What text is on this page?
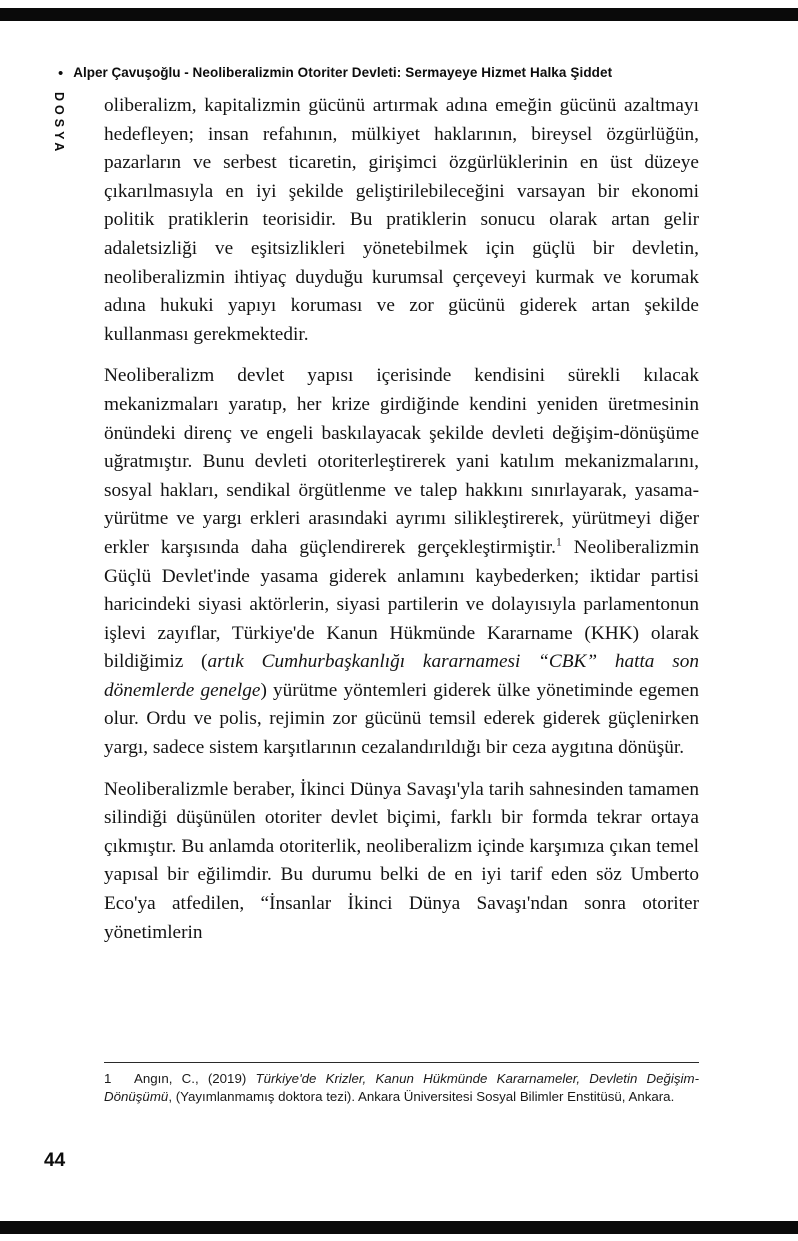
• Alper Çavuşoğlu - Neoliberalizmin Otoriter Devleti: Sermayeye Hizmet Halka Şiddet
DOSYA oliberalizm, kapitalizmin gücünü artırmak adına emeğin gücünü azaltmayı hedefleyen; insan refahının, mülkiyet haklarının, bireysel özgürlüğün, pazarların ve serbest ticaretin, girişimci özgürlüklerinin en üst düzeye çıkarılmasıyla en iyi şekilde geliştirilebileceğini varsayan bir ekonomi politik pratiklerin teorisidir. Bu pratiklerin sonucu olarak artan gelir adaletsizliği ve eşitsizlikleri yönetebilmek için güçlü bir devletin, neoliberalizmin ihtiyaç duyduğu kurumsal çerçeveyi kurmak ve korumak adına hukuki yapıyı koruması ve zor gücünü giderek artan şekilde kullanması gerekmektedir.

Neoliberalizm devlet yapısı içerisinde kendisini sürekli kılacak mekanizmaları yaratıp, her krize girdiğinde kendini yeniden üretmesinin önündeki direnç ve engeli baskılayacak şekilde devleti değişim-dönüşüme uğratmıştır. Bunu devleti otoriterleştirerek yani katılım mekanizmalarını, sosyal hakları, sendikal örgütlenme ve talep hakkını sınırlayarak, yasama-yürütme ve yargı erkleri arasındaki ayrımı silikleştirerek, yürütmeyi diğer erkler karşısında daha güçlendirerek gerçekleştirmiştir.$^1$ Neoliberalizmin Güçlü Devlet'inde yasama giderek anlamını kaybederken; iktidar partisi haricindeki siyasi aktörlerin, siyasi partilerin ve dolayısıyla parlamentonun işlevi zayıflar, Türkiye'de Kanun Hükmünde Kararname (KHK) olarak bildiğimiz (artık Cumhurbaşkanlığı kararnamesi “CBK” hatta son dönemlerde genelge) yürütme yöntemleri giderek ülke yönetiminde egemen olur. Ordu ve polis, rejimin zor gücünü temsil ederek giderek güçlenirken yargı, sadece sistem karşıtlarının cezalandırıldığı bir ceza aygıtına dönüşür.

Neoliberalizmle beraber, İkinci Dünya Savaşı'yla tarih sahnesinden tamamen silindiği düşünülen otoriter devlet biçimi, farklı bir formda tekrar ortaya çıkmıştır. Bu anlamda otoriterlik, neoliberalizm içinde karşımıza çıkan temel yapısal bir eğilimdir. Bu durumu belki de en iyi tarif eden söz Umberto Eco'ya atfedilen, “İnsanlar İkinci Dünya Savaşı'ndan sonra otoriter yönetimlerin

1 Angın, C., (2019) Türkiye'de Krizler, Kanun Hükmünde Kararnameler, Devletin Değişim-Dönüşümü, (Yayımlanmamış doktora tezi). Ankara Üniversitesi Sosyal Bilimler Enstitüsü, Ankara.
44
